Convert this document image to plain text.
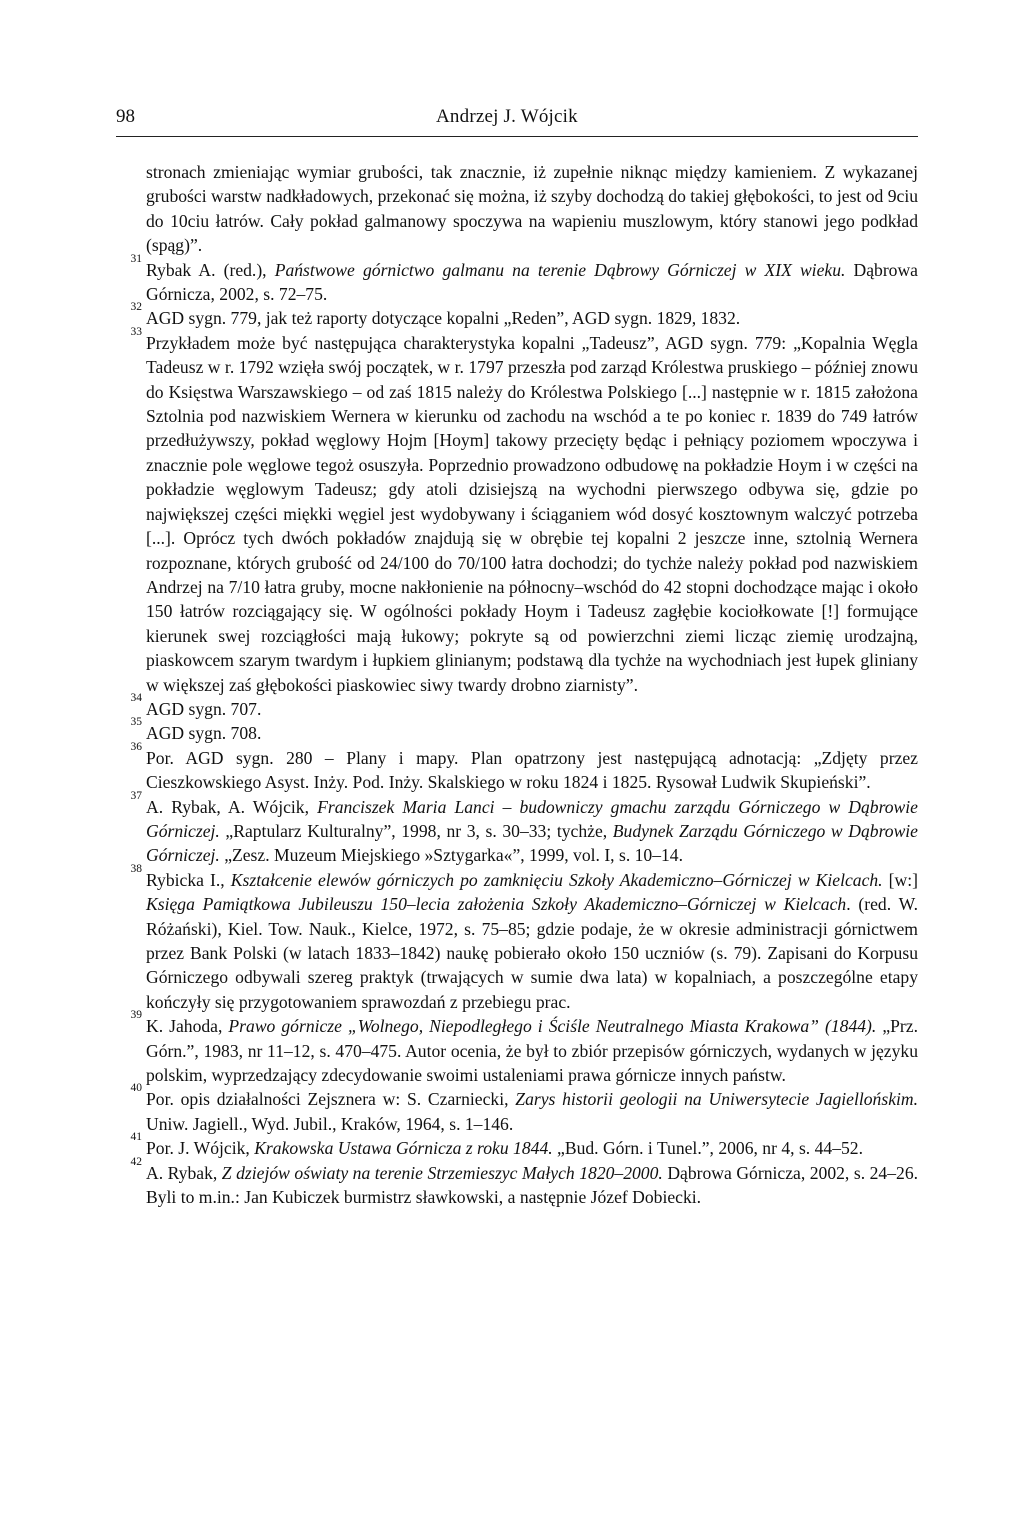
98	Andrzej J. Wójcik

stronach zmieniając wymiar grubości, tak znacznie, iż zupełnie niknąc między kamieniem. Z wykazanej grubości warstw nadkładowych, przekonać się można, iż szyby dochodzą do takiej głębokości, to jest od 9ciu do 10ciu łatrów. Cały pokład galmanowy spoczywa na wapieniu muszlowym, który stanowi jego podkład (spąg)”.

31
Rybak A. (red.), Państwowe górnictwo galmanu na terenie Dąbrowy Górniczej w XIX wieku. Dąbrowa Górnicza, 2002, s. 72–75.

32
AGD sygn. 779, jak też raporty dotyczące kopalni „Reden”, AGD sygn. 1829, 1832.

33
Przykładem może być następująca charakterystyka kopalni „Tadeusz”, AGD sygn. 779: „Kopalnia Węgla Tadeusz w r. 1792 wzięła swój początek, w r. 1797 przeszła pod zarząd Królestwa pruskiego – później znowu do Księstwa Warszawskiego – od zaś 1815 należy do Królestwa Polskiego [...] następnie w r. 1815 założona Sztolnia pod nazwiskiem Wernera w kierunku od zachodu na wschód a te po koniec r. 1839 do 749 łatrów przedłużywszy, pokład węglowy Hojm [Hoym] takowy przecięty będąc i pełniący poziomem wpoczywa i znacznie pole węglowe tegoż osuszyła. Poprzednio prowadzono odbudowę na pokładzie Hoym i w części na pokładzie węglowym Tadeusz; gdy atoli dzisiejszą na wychodni pierwszego odbywa się, gdzie po największej części miękki węgiel jest wydobywany i ściąganiem wód dosyć kosztownym walczyć potrzeba [...]. Oprócz tych dwóch pokładów znajdują się w obrębie tej kopalni 2 jeszcze inne, sztolnią Wernera rozpoznane, których grubość od 24/100 do 70/100 łatra dochodzi; do tychże należy pokład pod nazwiskiem Andrzej na 7/10 łatra gruby, mocne nakłonienie na północny–wschód do 42 stopni dochodzące mając i około 150 łatrów rozciągający się. W ogólności pokłady Hoym i Tadeusz zagłębie kociołkowate [!] formujące kierunek swej rozciągłości mają łukowy; pokryte są od powierzchni ziemi licząc ziemię urodzajną, piaskowcem szarym twardym i łupkiem glinianym; podstawą dla tychże na wychodniach jest łupek gliniany w większej zaś głębokości piaskowiec siwy twardy drobno ziarnisty”.

34
AGD sygn. 707.

35
AGD sygn. 708.

36
Por. AGD sygn. 280 – Plany i mapy. Plan opatrzony jest następującą adnotacją: „Zdjęty przez Cieszkowskiego Asyst. Inży. Pod. Inży. Skalskiego w roku 1824 i 1825. Rysował Ludwik Skupieński”.

37
A. Rybak, A. Wójcik, Franciszek Maria Lanci – budowniczy gmachu zarządu Górniczego w Dąbrowie Górniczej. „Raptularz Kulturalny”, 1998, nr 3, s. 30–33; tychże, Budynek Zarządu Górniczego w Dąbrowie Górniczej. „Zesz. Muzeum Miejskiego »Sztygarka«”, 1999, vol. I, s. 10–14.

38
Rybicka I., Kształcenie elewów górniczych po zamknięciu Szkoły Akademiczno–Górniczej w Kielcach. [w:] Księga Pamiątkowa Jubileuszu 150–lecia założenia Szkoły Akademiczno–Górniczej w Kielcach. (red. W. Różański), Kiel. Tow. Nauk., Kielce, 1972, s. 75–85; gdzie podaje, że w okresie administracji górnictwem przez Bank Polski (w latach 1833–1842) naukę pobierało około 150 uczniów (s. 79). Zapisani do Korpusu Górniczego odbywali szereg praktyk (trwających w sumie dwa lata) w kopalniach, a poszczególne etapy kończyły się przygotowaniem sprawozdań z przebiegu prac.

39
K. Jahoda, Prawo górnicze „Wolnego, Niepodległego i Ściśle Neutralnego Miasta Krakowa” (1844). „Prz. Górn.”, 1983, nr 11–12, s. 470–475. Autor ocenia, że był to zbiór przepisów górniczych, wydanych w języku polskim, wyprzedzający zdecydowanie swoimi ustaleniami prawa górnicze innych państw.

40
Por. opis działalności Zejsznera w: S. Czarniecki, Zarys historii geologii na Uniwersytecie Jagiellońskim. Uniw. Jagiell., Wyd. Jubil., Kraków, 1964, s. 1–146.

41
Por. J. Wójcik, Krakowska Ustawa Górnicza z roku 1844. „Bud. Górn. i Tunel.”, 2006, nr 4, s. 44–52.

42
A. Rybak, Z dziejów oświaty na terenie Strzemieszyc Małych 1820–2000. Dąbrowa Górnicza, 2002, s. 24–26. Byli to m.in.: Jan Kubiczek burmistrz sławkowski, a następnie Józef Dobiecki.
